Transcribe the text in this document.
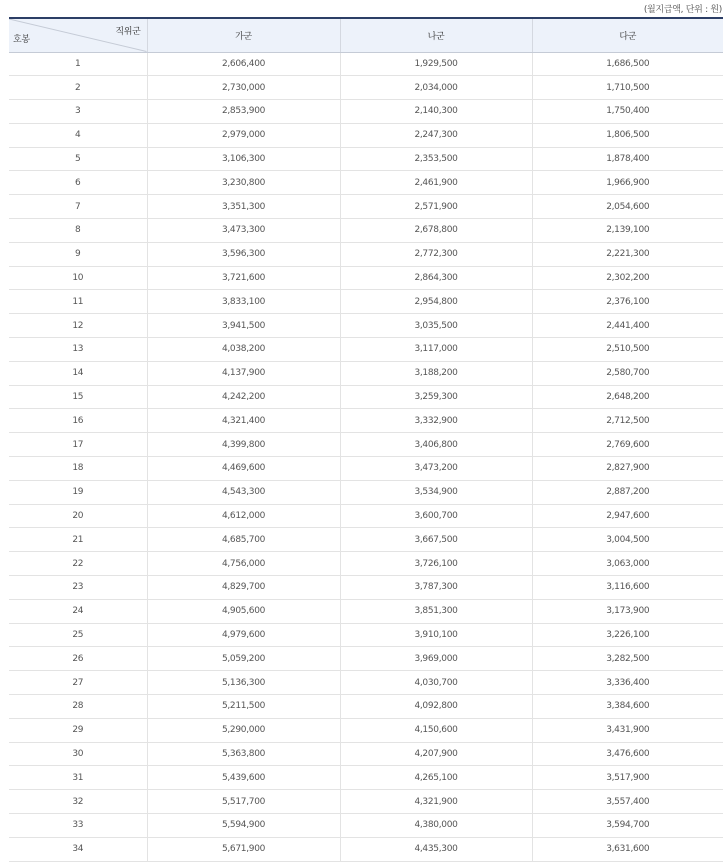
(월지급액, 단위 : 원)
직위군
호봉	가군	나군	다군
1	2,606,400	1,929,500	1,686,500
2	2,730,000	2,034,000	1,710,500
3	2,853,900	2,140,300	1,750,400
4	2,979,000	2,247,300	1,806,500
5	3,106,300	2,353,500	1,878,400
6	3,230,800	2,461,900	1,966,900
7	3,351,300	2,571,900	2,054,600
8	3,473,300	2,678,800	2,139,100
9	3,596,300	2,772,300	2,221,300
10	3,721,600	2,864,300	2,302,200
11	3,833,100	2,954,800	2,376,100
12	3,941,500	3,035,500	2,441,400
13	4,038,200	3,117,000	2,510,500
14	4,137,900	3,188,200	2,580,700
15	4,242,200	3,259,300	2,648,200
16	4,321,400	3,332,900	2,712,500
17	4,399,800	3,406,800	2,769,600
18	4,469,600	3,473,200	2,827,900
19	4,543,300	3,534,900	2,887,200
20	4,612,000	3,600,700	2,947,600
21	4,685,700	3,667,500	3,004,500
22	4,756,000	3,726,100	3,063,000
23	4,829,700	3,787,300	3,116,600
24	4,905,600	3,851,300	3,173,900
25	4,979,600	3,910,100	3,226,100
26	5,059,200	3,969,000	3,282,500
27	5,136,300	4,030,700	3,336,400
28	5,211,500	4,092,800	3,384,600
29	5,290,000	4,150,600	3,431,900
30	5,363,800	4,207,900	3,476,600
31	5,439,600	4,265,100	3,517,900
32	5,517,700	4,321,900	3,557,400
33	5,594,900	4,380,000	3,594,700
34	5,671,900	4,435,300	3,631,600
